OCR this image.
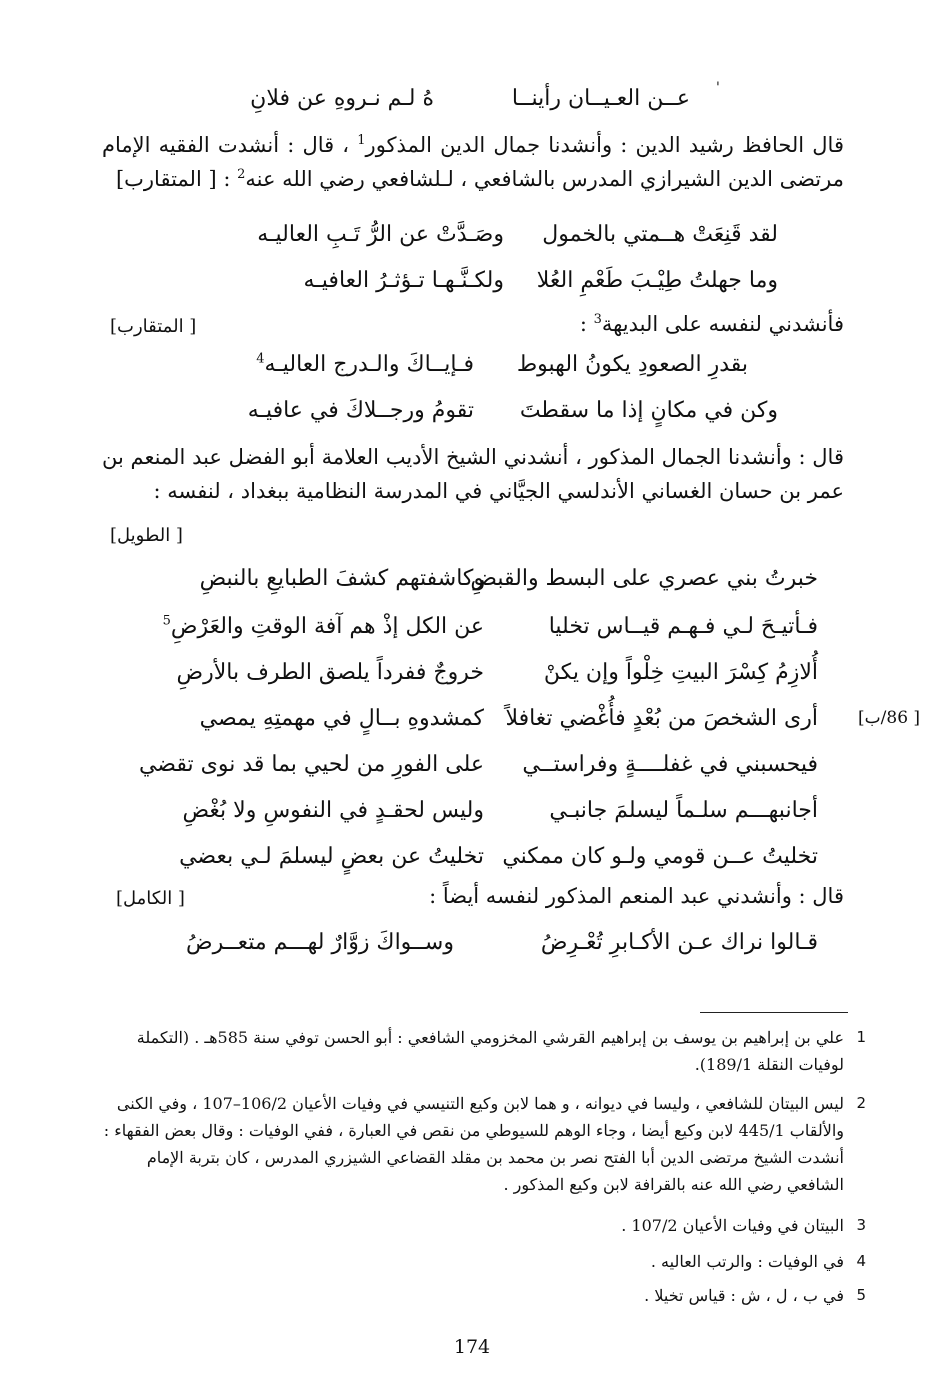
عــن العـيــان رأينــا
هُ لـم نـروهِ عن فلانِ	'
قال الحافظ رشيد الدين : وأنشدنا جمال الدين المذكور$^1$ ، قال : أنشدت الفقيه الإمام مرتضى الدين الشيرازي المدرس بالشافعي ، لـلشافعي رضي الله عنه$^2$ : [ المتقارب]
لقد قَنِعَتْ هــمتي بالخمول
وصَـدَّتْ عن الرُّ تَـبِ العاليـه
وما جهلتُ طِيْـبَ طَعْمِ العُلا
ولكـنَّـهـا تـؤثـرُ العافيـه
فأنشدني لنفسه على البديهة$^3$ :
[ المتقارب]
بقدرِ الصعودِ يكونُ الهبوط
فـإيــاكَ والـدرج العاليـه$^4$
وكن في مكانٍ إذا ما سقطتَ
تقومُ ورجــلاكَ في عافيـه
قال : وأنشدنا الجمال المذكور ، أنشدني الشيخ الأديب العلامة أبو الفضل عبد المنعم بن عمر بن حسان الغساني الأندلسي الجيَّاني في المدرسة النظامية ببغداد ، لنفسه :
[ الطويل]
خبرتُ بني عصري على البسط والقبضِ
وكاشفتهم كشفَ الطبايعِ بالنبضِ
فـأتيـحَ لـي فـهـم قيــاس تخليا
عن الكل إذْ هم آفة الوقتِ والعَرْضِ$^5$
أُلازِمُ كِسْرَ البيتِ خِلْواً وإن يكنْ
خروجٌ ففرداً يلصق الطرف بالأرضِ
أرى الشخصَ من بُعْدٍ فأُغْضي تغافلاً
كمشدوهِ بــالٍ في مهمتِهِ يمصي	[ 86/ب]
فيحسبني في غفلــــةٍ وفراستــي
على الفورِ من لحيي بما قد نوى تقضي
أجانبهـــم سلـماً ليسلمَ جانبـي
وليس لحقـدٍ في النفوسِ ولا بُغْضِ
تخليتُ عــن قومي ولـو كان ممكني
تخليتُ عن بعضٍ ليسلمَ لـي بعضي
قال : وأنشدني عبد المنعم المذكور لنفسه أيضاً :
[ الكامل]
قـالوا نراك عـن الأكـابرِ تُعْـرِضُ
وســواكَ زوَّارٌ لهـــم متعــرضُ
1
علي بن إبراهيم بن يوسف بن إبراهيم القرشي المخزومي الشافعي : أبو الحسن توفي سنة 585هـ . (التكملة لوفيات النقلة 189/1).
2
ليس البيتان للشافعي ، وليسا في ديوانه ، و هما لابن وكيع التنيسي في وفيات الأعيان 106/2–107 ، وفي الكنى والألقاب 445/1 لابن وكيع أيضا ، وجاء الوهم للسيوطي من نقص في العبارة ، ففي الوفيات : وقال بعض الفقهاء : أنشدت الشيخ مرتضى الدين أبا الفتح نصر بن محمد بن مقلد القضاعي الشيزري المدرس ، كان بتربة الإمام الشافعي رضي الله عنه بالقرافة لابن وكيع المذكور .
3
البيتان في وفيات الأعيان 107/2 .
4
في الوفيات : والرتب العاليه .
5
في ب ، ل ، ش : قياس تخيلا .
174
